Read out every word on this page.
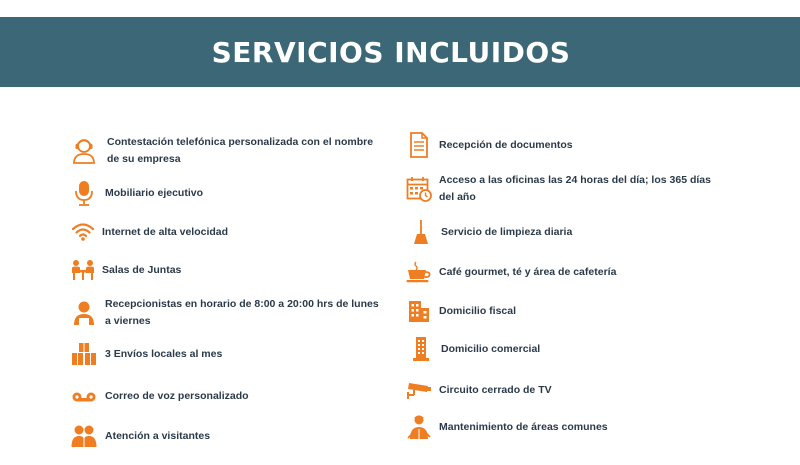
SERVICIOS INCLUIDOS
Contestación telefónica personalizada con el nombre de su empresa
Mobiliario ejecutivo
Internet de alta velocidad
Salas de Juntas
Recepcionistas en horario de 8:00 a 20:00 hrs de lunes a viernes
3 Envíos locales al mes
Correo de voz personalizado
Atención a visitantes
Recepción de documentos
Acceso a las oficinas las 24 horas del día; los 365 días del año
Servicio de limpieza diaria
Café gourmet, té y área de cafetería
Domicilio fiscal
Domicilio comercial
Circuito cerrado de TV
Mantenimiento de áreas comunes
